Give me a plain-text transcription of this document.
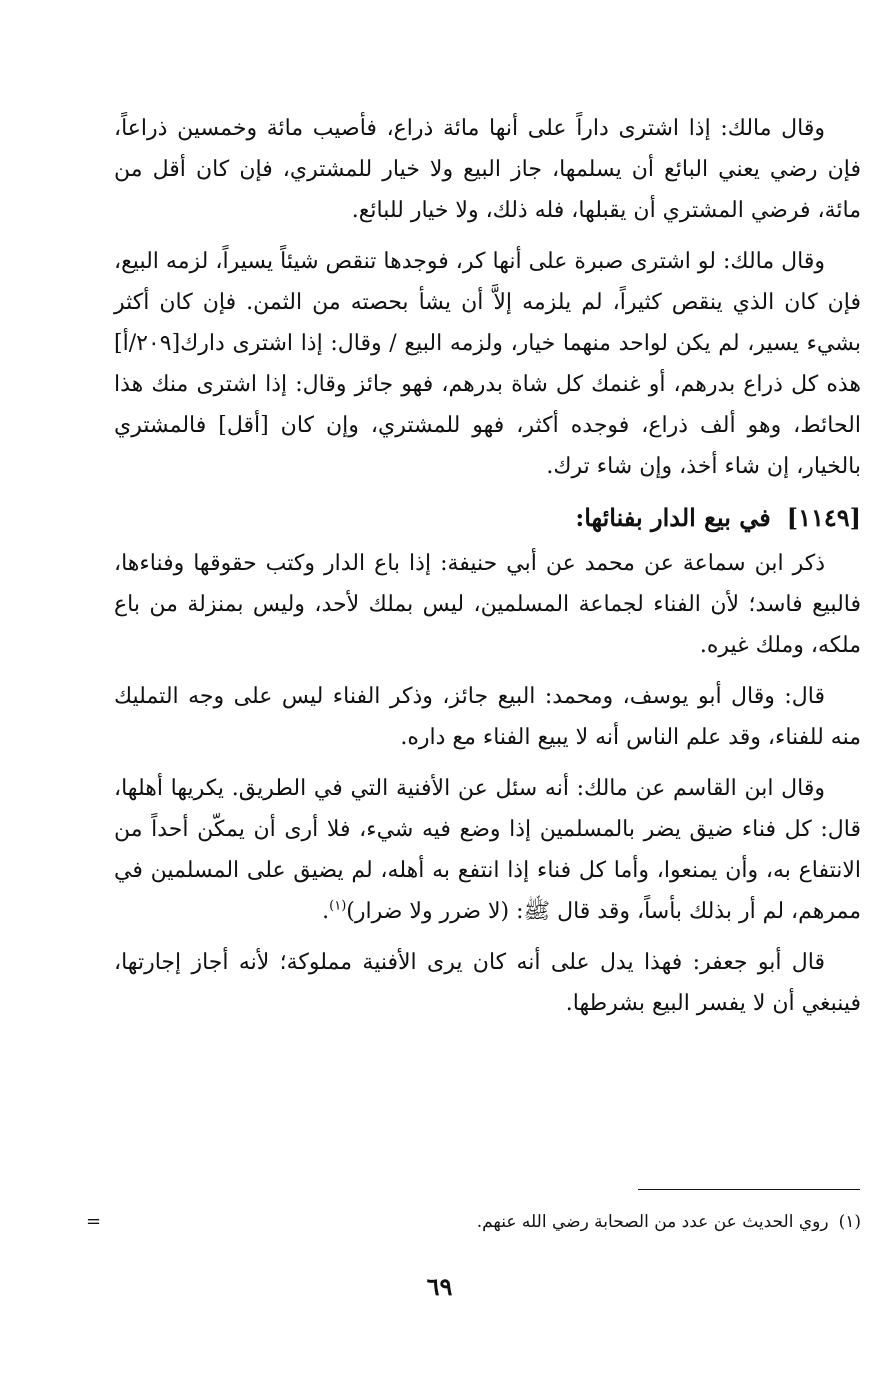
وقال مالك: إذا اشترى داراً على أنها مائة ذراع، فأصيب مائة وخمسين ذراعاً، فإن رضي يعني البائع أن يسلمها، جاز البيع ولا خيار للمشتري، فإن كان أقل من مائة، فرضي المشتري أن يقبلها، فله ذلك، ولا خيار للبائع.

وقال مالك: لو اشترى صبرة على أنها كر، فوجدها تنقص شيئاً يسيراً، لزمه البيع، فإن كان الذي ينقص كثيراً، لم يلزمه إلاَّ أن يشأ بحصته من الثمن. فإن كان أكثر بشيء يسير، لم يكن لواحد منهما خيار، ولزمه البيع / وقال: إذا اشترى دارك[٢٠٩/أ] هذه كل ذراع بدرهم، أو غنمك كل شاة بدرهم، فهو جائز وقال: إذا اشترى منك هذا الحائط، وهو ألف ذراع، فوجده أكثر، فهو للمشتري، وإن كان [أقل] فالمشتري بالخيار، إن شاء أخذ، وإن شاء ترك.

[١١٤٩]في بيع الدار بفنائها:

ذكر ابن سماعة عن محمد عن أبي حنيفة: إذا باع الدار وكتب حقوقها وفناءها، فالبيع فاسد؛ لأن الفناء لجماعة المسلمين، ليس بملك لأحد، وليس بمنزلة من باع ملكه، وملك غيره.

قال: وقال أبو يوسف، ومحمد: البيع جائز، وذكر الفناء ليس على وجه التمليك منه للفناء، وقد علم الناس أنه لا يبيع الفناء مع داره.

وقال ابن القاسم عن مالك: أنه سئل عن الأفنية التي في الطريق. يكريها أهلها، قال: كل فناء ضيق يضر بالمسلمين إذا وضع فيه شيء، فلا أرى أن يمكّن أحداً من الانتفاع به، وأن يمنعوا، وأما كل فناء إذا انتفع به أهله، لم يضيق على المسلمين في ممرهم، لم أر بذلك بأساً، وقد قال ﷺ: (لا ضرر ولا ضرار)$^{(١)}$.

قال أبو جعفر: فهذا يدل على أنه كان يرى الأفنية مملوكة؛ لأنه أجاز إجارتها، فينبغي أن لا يفسر البيع بشرطها.

(١)روي الحديث عن عدد من الصحابة رضي الله عنهم.
=
٦٩
